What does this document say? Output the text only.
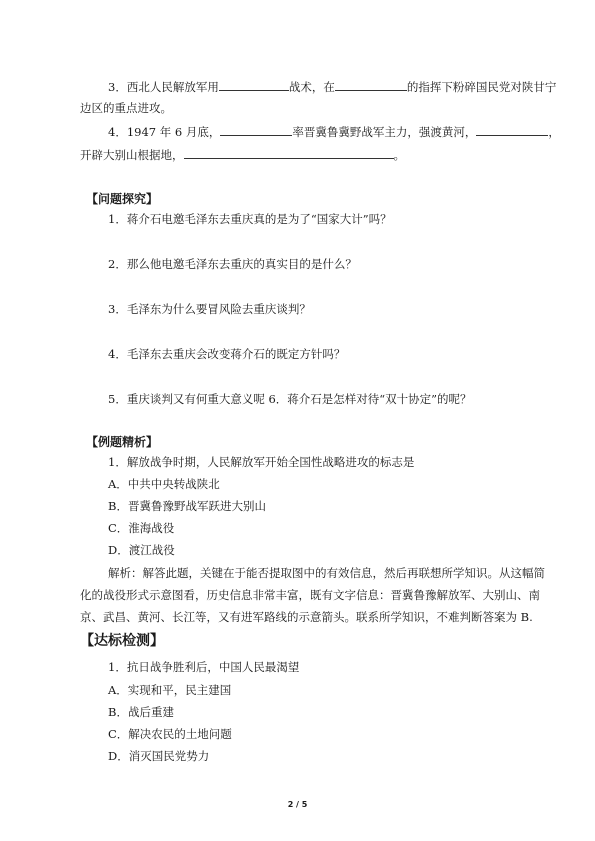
3．西北人民解放军用	战术，在	的指挥下粉碎国民党对陕甘宁
边区的重点进攻。
4．1947 年 6 月底，	率晋冀鲁冀野战军主力，强渡黄河，	，
开辟大别山根据地，	。
【问题探究】
1．蒋介石电邀毛泽东去重庆真的是为了“国家大计”吗？
2．那么他电邀毛泽东去重庆的真实目的是什么？
3．毛泽东为什么要冒风险去重庆谈判？
4．毛泽东去重庆会改变蒋介石的既定方针吗？
5．重庆谈判又有何重大意义呢 6．蒋介石是怎样对待“双十协定”的呢？
【例题精析】
1．解放战争时期，人民解放军开始全国性战略进攻的标志是
A．中共中央转战陕北
B．晋冀鲁豫野战军跃进大别山
C．淮海战役
D．渡江战役
解析：解答此题，关键在于能否提取图中的有效信息，然后再联想所学知识。从这幅简
化的战役形式示意图看，历史信息非常丰富，既有文字信息：晋冀鲁豫解放军、大别山、南
京、武昌、黄河、长江等，又有进军路线的示意箭头。联系所学知识，不难判断答案为 B.
【达标检测】
1．抗日战争胜利后，中国人民最渴望
A．实现和平，民主建国
B．战后重建
C．解决农民的土地问题
D．消灭国民党势力
2 / 5
